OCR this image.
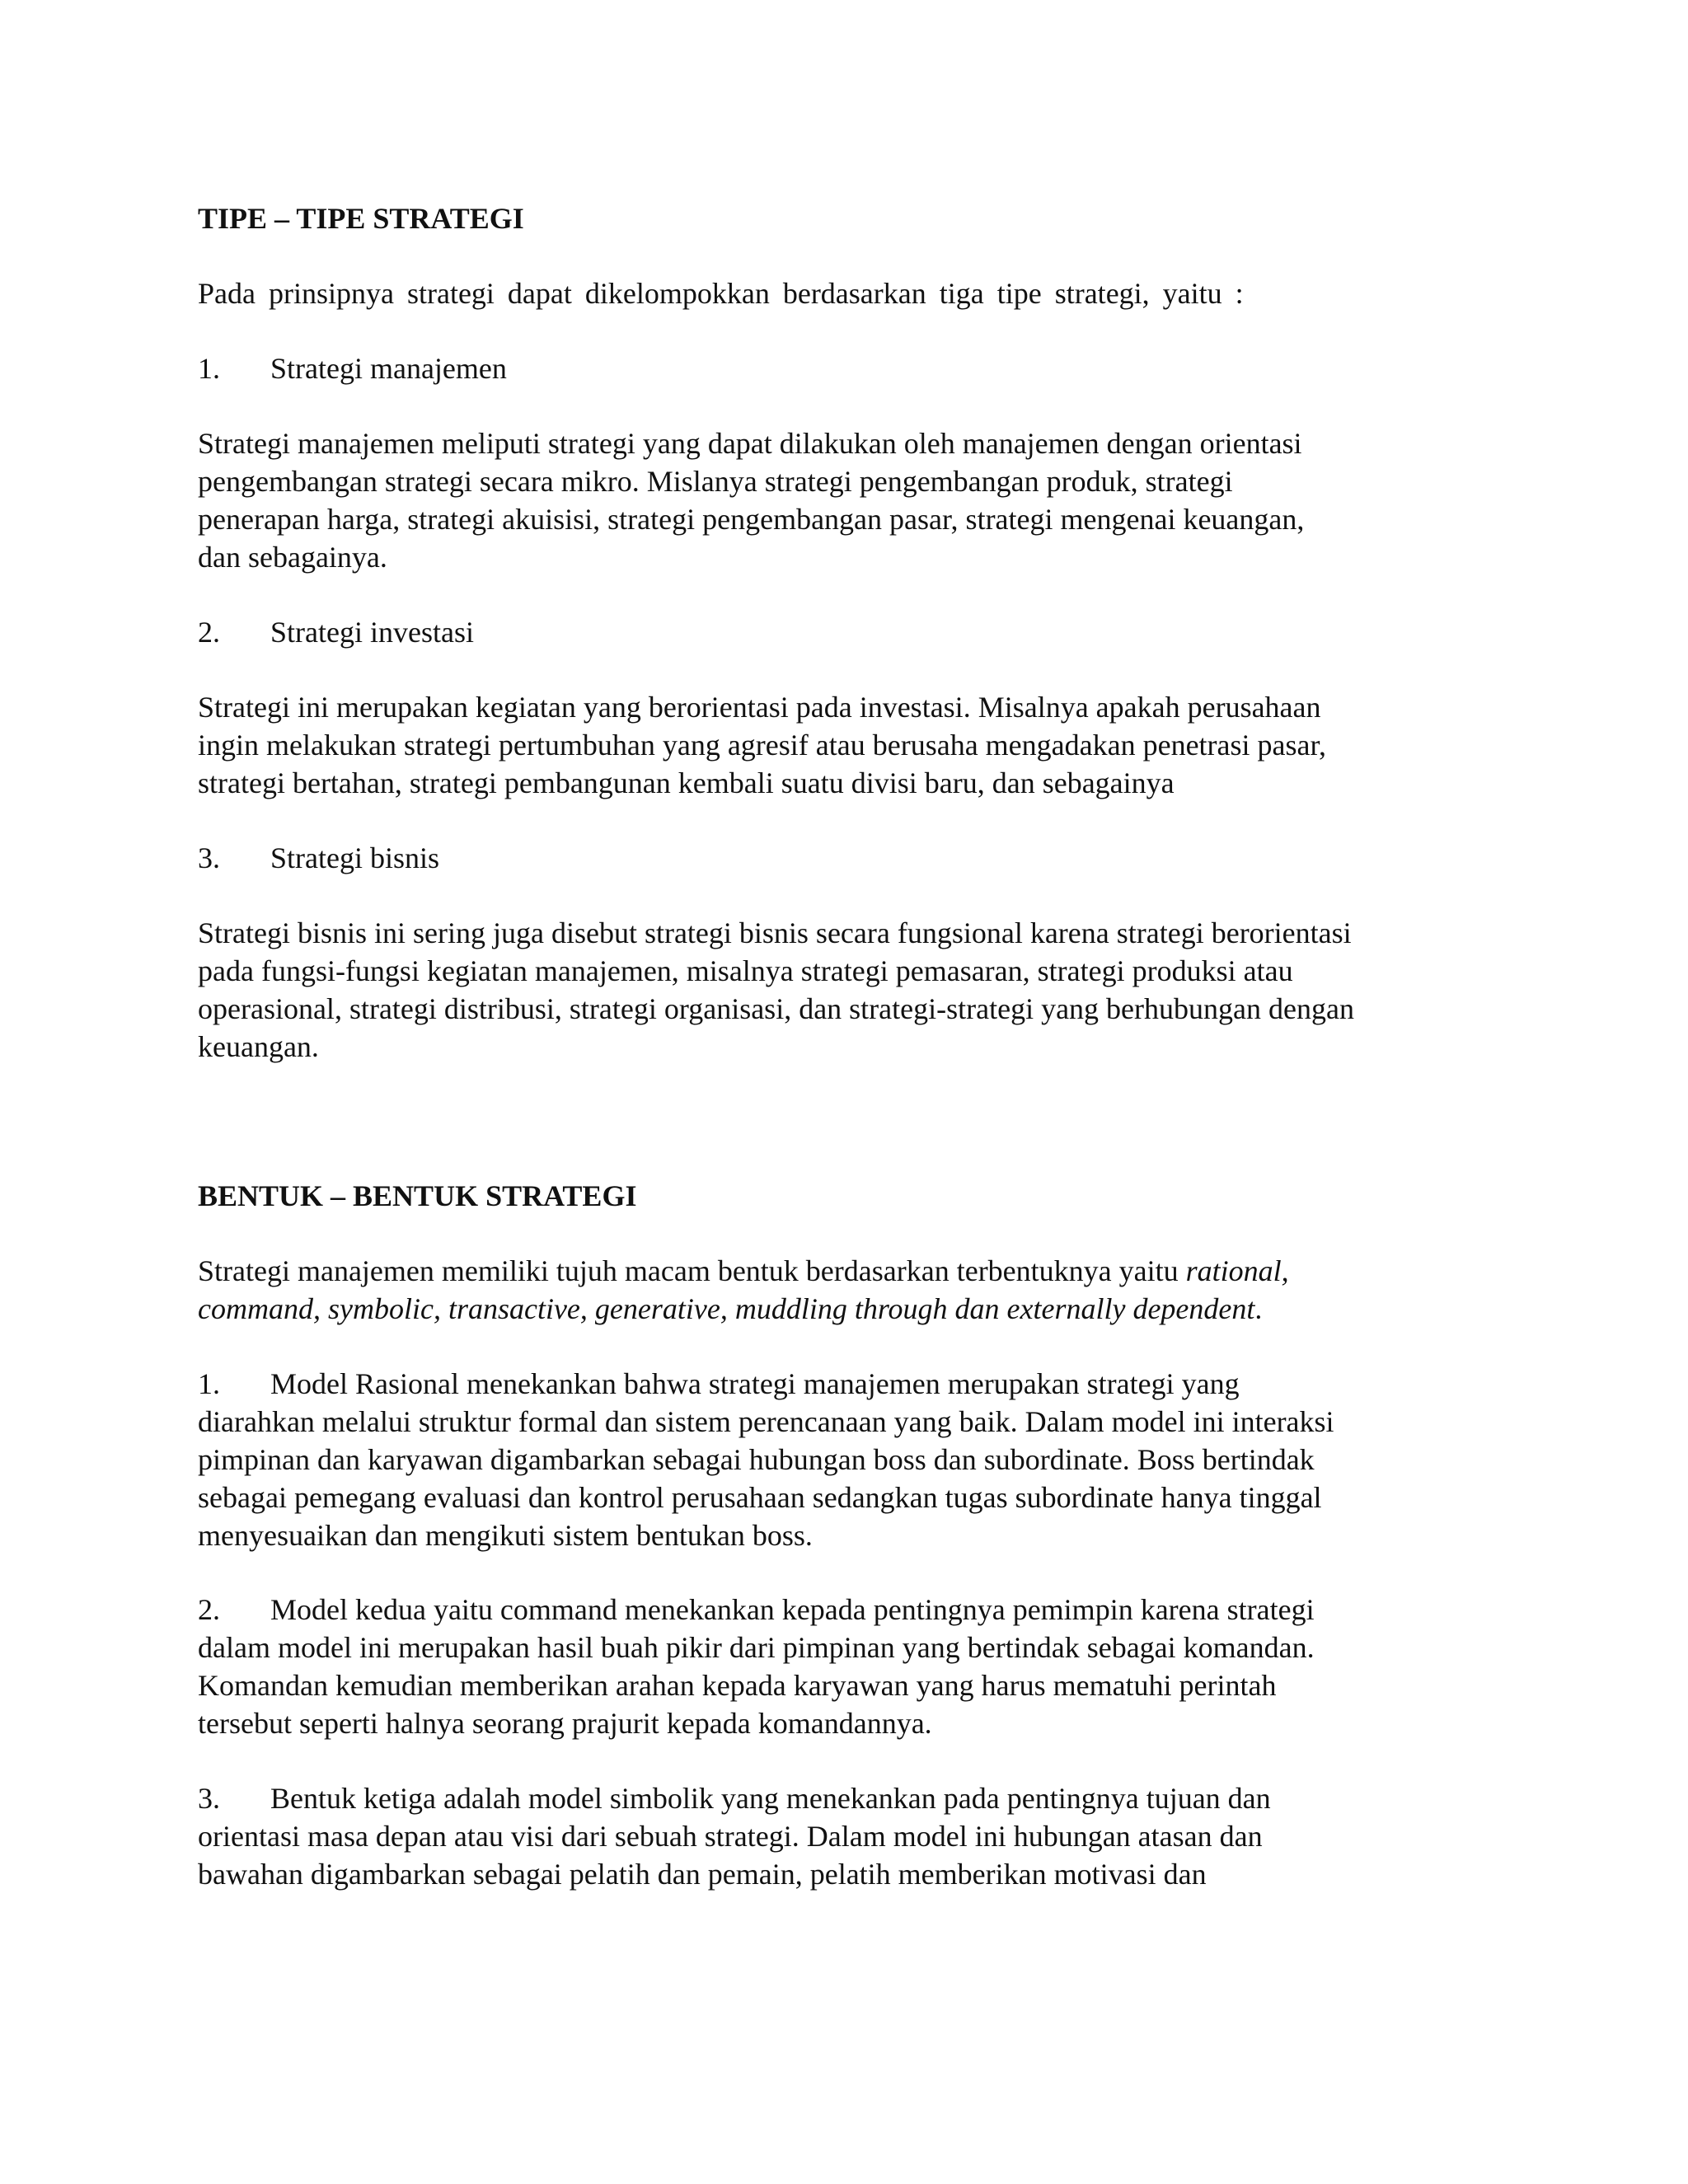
TIPE – TIPE STRATEGI
Pada prinsipnya strategi dapat dikelompokkan berdasarkan tiga tipe strategi, yaitu :
1. Strategi manajemen
Strategi manajemen meliputi strategi yang dapat dilakukan oleh manajemen dengan orientasi
pengembangan strategi secara mikro. Mislanya strategi pengembangan produk, strategi
penerapan harga, strategi akuisisi, strategi pengembangan pasar, strategi mengenai keuangan,
dan sebagainya.
2. Strategi investasi
Strategi ini merupakan kegiatan yang berorientasi pada investasi. Misalnya apakah perusahaan
ingin melakukan strategi pertumbuhan yang agresif atau berusaha mengadakan penetrasi pasar,
strategi bertahan, strategi pembangunan kembali suatu divisi baru, dan sebagainya
3. Strategi bisnis
Strategi bisnis ini sering juga disebut strategi bisnis secara fungsional karena strategi berorientasi
pada fungsi-fungsi kegiatan manajemen, misalnya strategi pemasaran, strategi produksi atau
operasional, strategi distribusi, strategi organisasi, dan strategi-strategi yang berhubungan dengan
keuangan.
BENTUK – BENTUK STRATEGI
Strategi manajemen memiliki tujuh macam bentuk berdasarkan terbentuknya yaitu rational,
command, symbolic, transactive, generative, muddling through dan externally dependent.
1. Model Rasional menekankan bahwa strategi manajemen merupakan strategi yang
diarahkan melalui struktur formal dan sistem perencanaan yang baik. Dalam model ini interaksi
pimpinan dan karyawan digambarkan sebagai hubungan boss dan subordinate. Boss bertindak
sebagai pemegang evaluasi dan kontrol perusahaan sedangkan tugas subordinate hanya tinggal
menyesuaikan dan mengikuti sistem bentukan boss.
2. Model kedua yaitu command menekankan kepada pentingnya pemimpin karena strategi
dalam model ini merupakan hasil buah pikir dari pimpinan yang bertindak sebagai komandan.
Komandan kemudian memberikan arahan kepada karyawan yang harus mematuhi perintah
tersebut seperti halnya seorang prajurit kepada komandannya.
3. Bentuk ketiga adalah model simbolik yang menekankan pada pentingnya tujuan dan
orientasi masa depan atau visi dari sebuah strategi. Dalam model ini hubungan atasan dan
bawahan digambarkan sebagai pelatih dan pemain, pelatih memberikan motivasi dan
